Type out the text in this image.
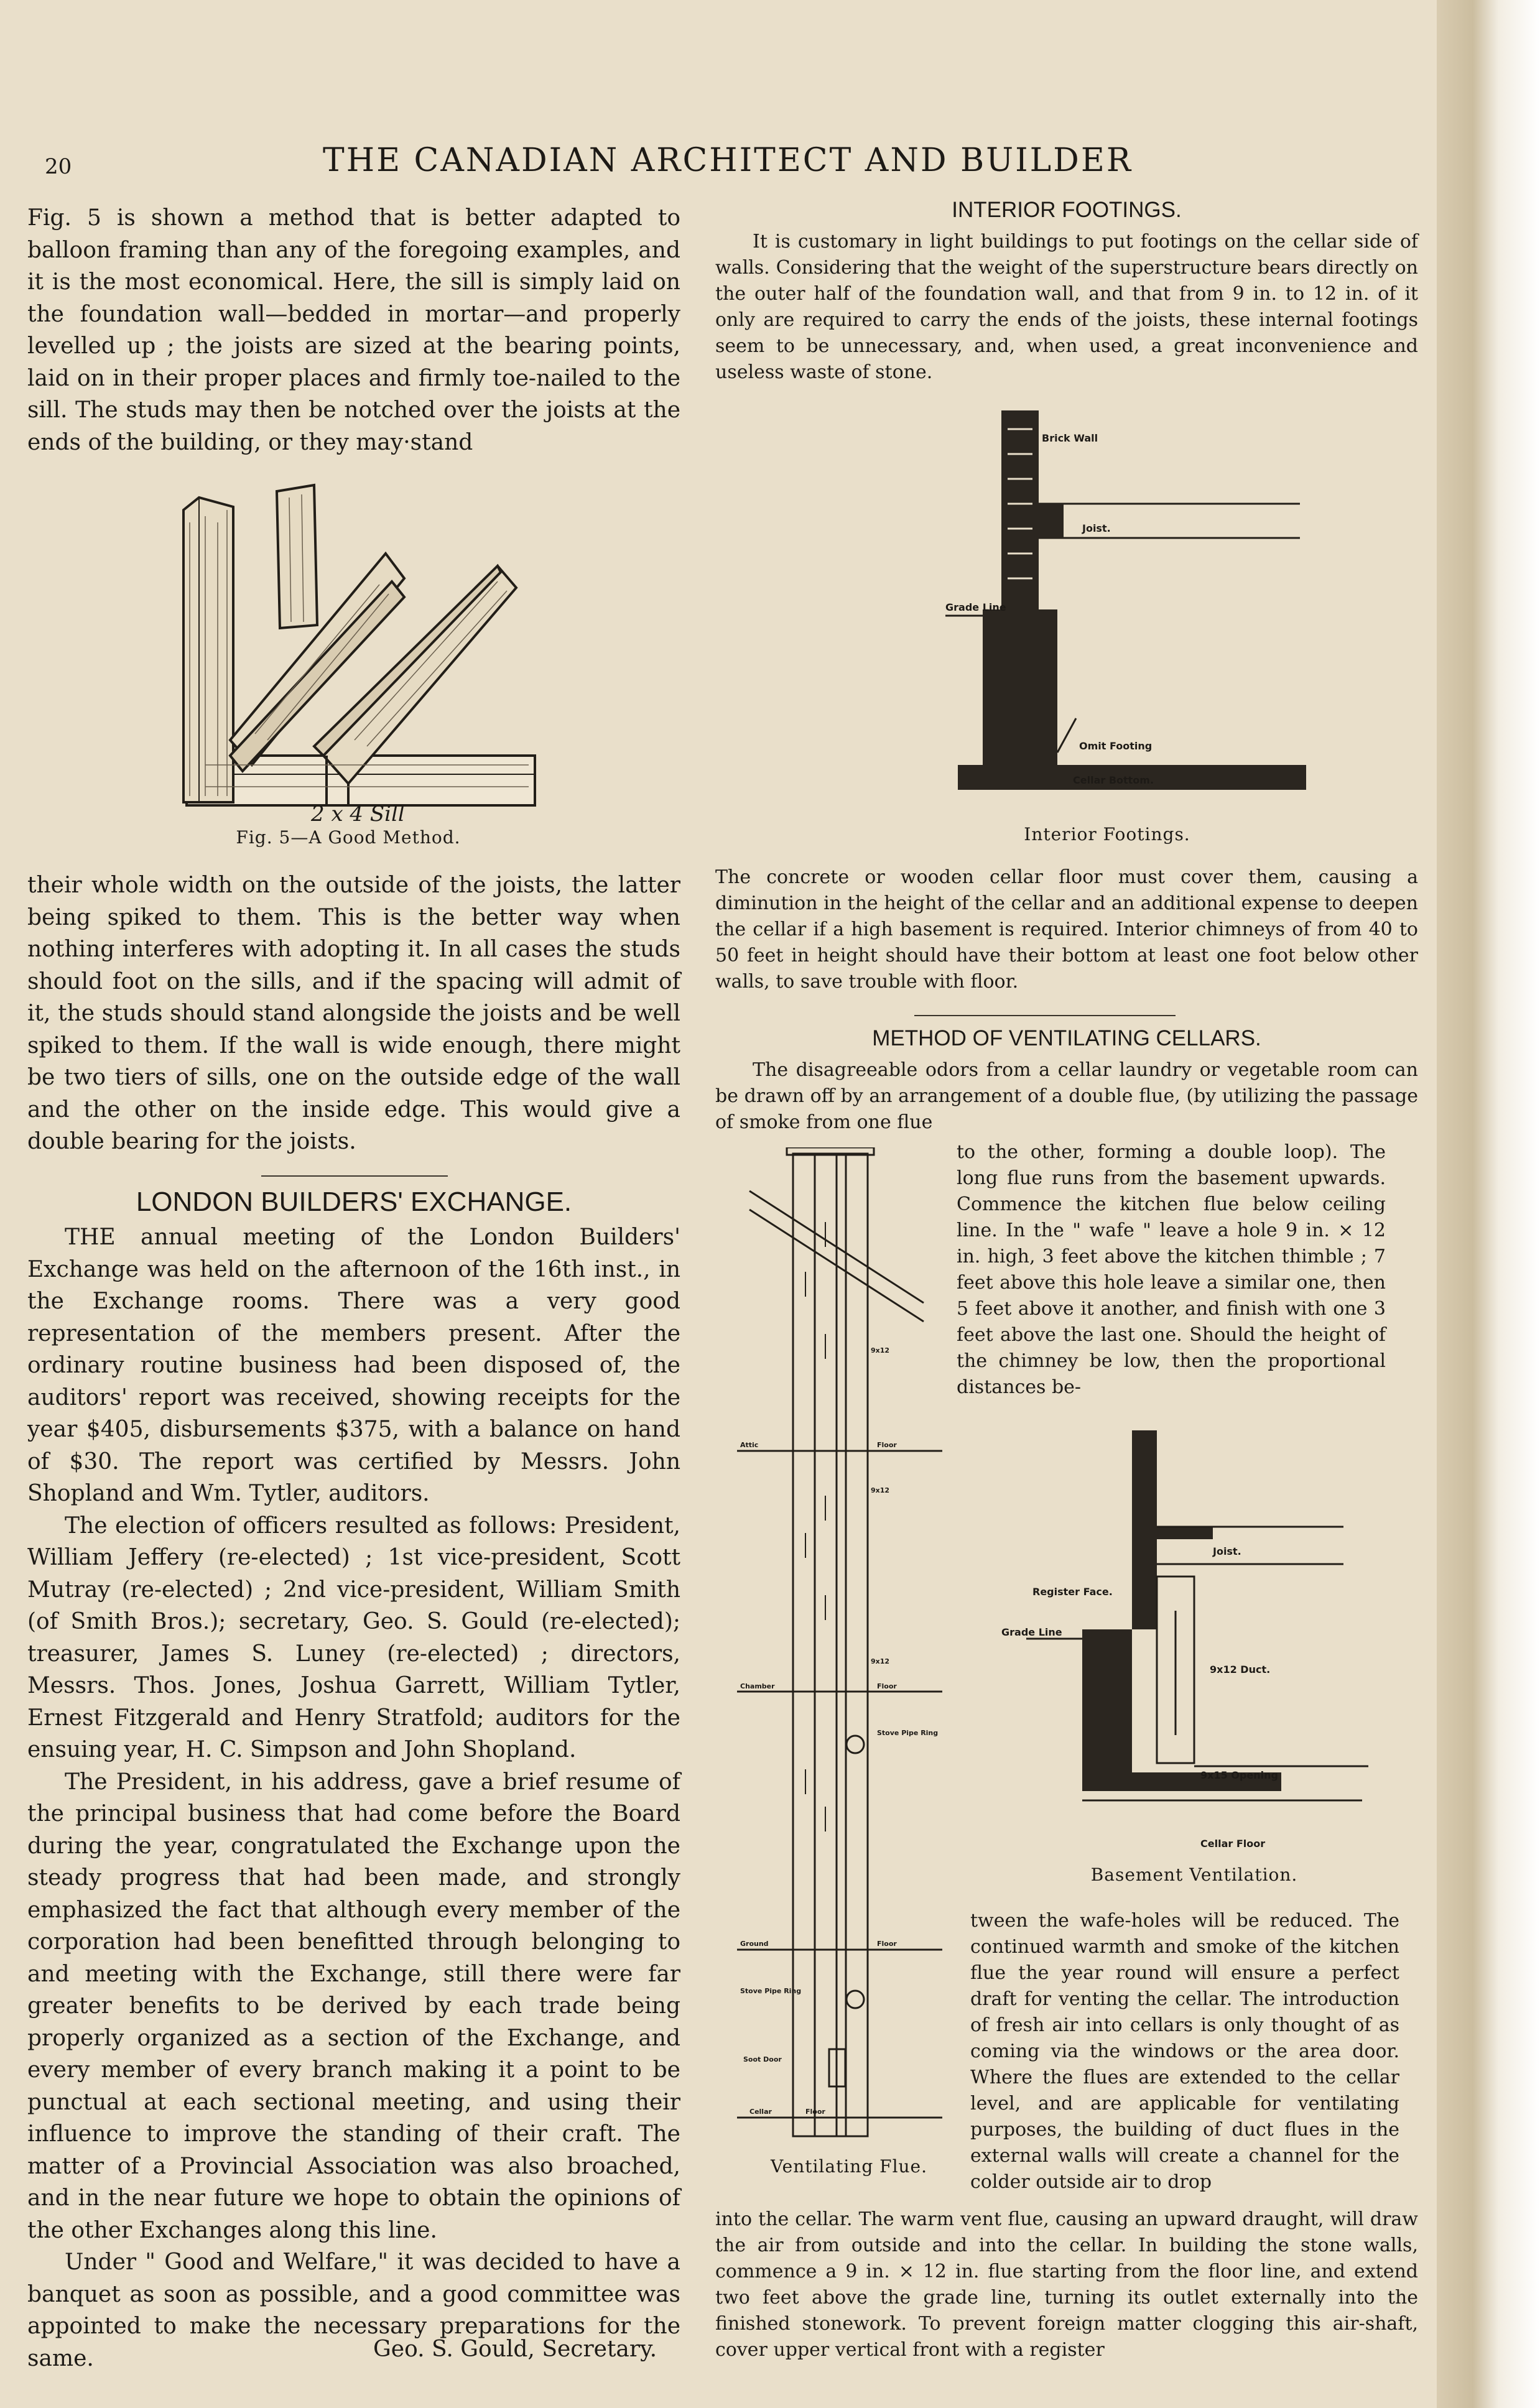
20	THE CANADIAN ARCHITECT AND BUILDER

Fig. 5 is shown a method that is better adapted to balloon framing than any of the foregoing examples, and it is the most economical. Here, the sill is simply laid on the foundation wall—bedded in mortar—and properly levelled up ; the joists are sized at the bearing points, laid on in their proper places and firmly toe-nailed to the sill. The studs may then be notched over the joists at the ends of the building, or they may·stand

2 x 4 Sill
Fig. 5—A Good Method.

their whole width on the outside of the joists, the latter being spiked to them. This is the better way when nothing interferes with adopting it. In all cases the studs should foot on the sills, and if the spacing will admit of it, the studs should stand alongside the joists and be well spiked to them. If the wall is wide enough, there might be two tiers of sills, one on the outside edge of the wall and the other on the inside edge. This would give a double bearing for the joists.

LONDON BUILDERS' EXCHANGE.

THE annual meeting of the London Builders' Exchange was held on the afternoon of the 16th inst., in the Exchange rooms. There was a very good representation of the members present. After the ordinary routine business had been disposed of, the auditors' report was received, showing receipts for the year $405, disbursements $375, with a balance on hand of $30. The report was certified by Messrs. John Shopland and Wm. Tytler, auditors.

The election of officers resulted as follows: President, William Jeffery (re-elected) ; 1st vice-president, Scott Mutray (re-elected) ; 2nd vice-president, William Smith (of Smith Bros.); secretary, Geo. S. Gould (re-elected); treasurer, James S. Luney (re-elected) ; directors, Messrs. Thos. Jones, Joshua Garrett, William Tytler, Ernest Fitzgerald and Henry Stratfold; auditors for the ensuing year, H. C. Simpson and John Shopland.

The President, in his address, gave a brief resume of the principal business that had come before the Board during the year, congratulated the Exchange upon the steady progress that had been made, and strongly emphasized the fact that although every member of the corporation had been benefitted through belonging to and meeting with the Exchange, still there were far greater benefits to be derived by each trade being properly organized as a section of the Exchange, and every member of every branch making it a point to be punctual at each sectional meeting, and using their influence to improve the standing of their craft. The matter of a Provincial Association was also broached, and in the near future we hope to obtain the opinions of the other Exchanges along this line.

Under " Good and Welfare," it was decided to have a banquet as soon as possible, and a good committee was appointed to make the necessary preparations for the same.	Geo. S. Gould, Secretary.

INTERIOR FOOTINGS.

It is customary in light buildings to put footings on the cellar side of walls. Considering that the weight of the superstructure bears directly on the outer half of the foundation wall, and that from 9 in. to 12 in. of it only are required to carry the ends of the joists, these internal footings seem to be unnecessary, and, when used, a great inconvenience and useless waste of stone.

Brick Wall
Joist.
Grade Line
Omit Footing
Cellar Bottom.
Interior Footings.

The concrete or wooden cellar floor must cover them, causing a diminution in the height of the cellar and an additional expense to deepen the cellar if a high basement is required. Interior chimneys of from 40 to 50 feet in height should have their bottom at least one foot below other walls, to save trouble with floor.

METHOD OF VENTILATING CELLARS.

The disagreeable odors from a cellar laundry or vegetable room can be drawn off by an arrangement of a double flue, (by utilizing the passage of smoke from one flue

to the other, forming a double loop). The long flue runs from the basement upwards. Commence the kitchen flue below ceiling line. In the " wafe " leave a hole 9 in. × 12 in. high, 3 feet above the kitchen thimble ; 7 feet above this hole leave a similar one, then 5 feet above it another, and finish with one 3 feet above the last one. Should the height of the chimney be low, then the proportional distances be-

Attic	Floor
9x12
9x12
9x12
Chamber	Floor
Stove Pipe Ring
Ground	Floor
Stove Pipe Ring
Soot Door
Cellar	Floor
Ventilating Flue.
Joist.
Register Face.
Grade Line
9x12 Duct.
9x15 Opening
Cellar Floor
Basement Ventilation.

tween the wafe-holes will be reduced. The continued warmth and smoke of the kitchen flue the year round will ensure a perfect draft for venting the cellar. The introduction of fresh air into cellars is only thought of as coming via the windows or the area door. Where the flues are extended to the cellar level, and are applicable for ventilating purposes, the building of duct flues in the external walls will create a channel for the colder outside air to drop

into the cellar. The warm vent flue, causing an upward draught, will draw the air from outside and into the cellar. In building the stone walls, commence a 9 in. × 12 in. flue starting from the floor line, and extend two feet above the grade line, turning its outlet externally into the finished stonework. To prevent foreign matter clogging this air-shaft, cover upper vertical front with a register
